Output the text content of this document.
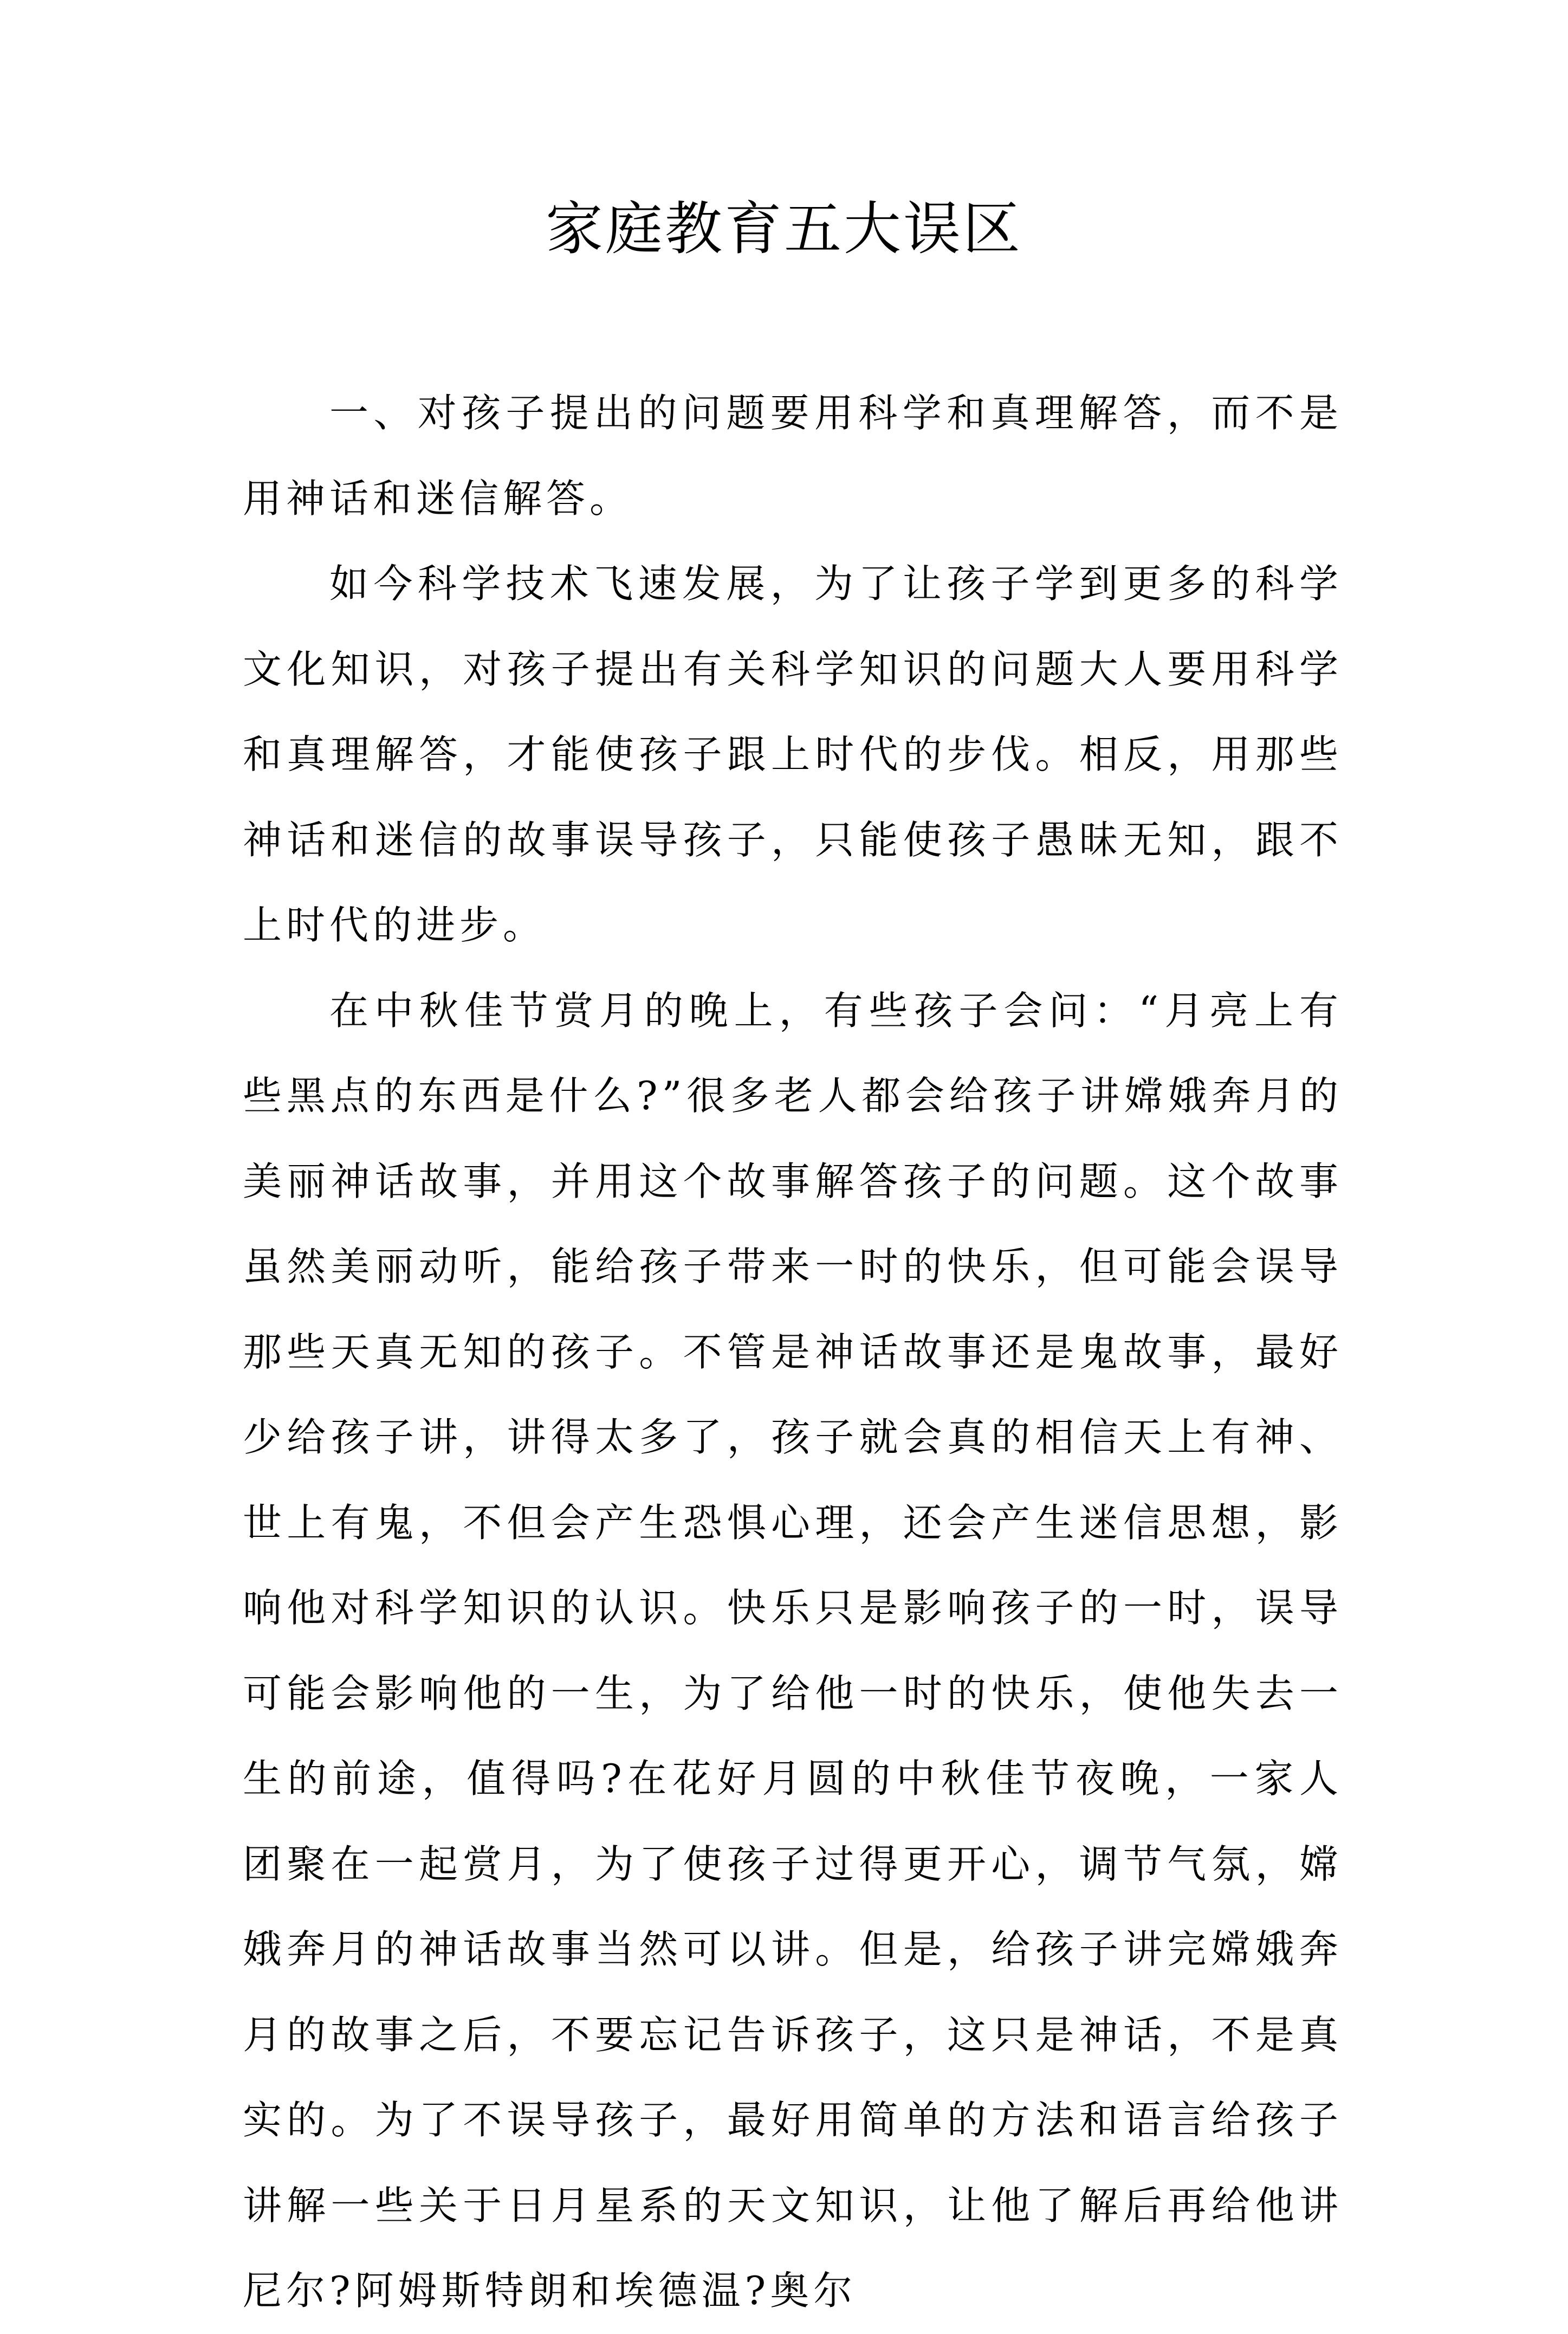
家庭教育五大误区

一、对孩子提出的问题要用科学和真理解答，而不是用神话和迷信解答。

如今科学技术飞速发展，为了让孩子学到更多的科学文化知识，对孩子提出有关科学知识的问题大人要用科学和真理解答，才能使孩子跟上时代的步伐。相反，用那些神话和迷信的故事误导孩子，只能使孩子愚昧无知，跟不上时代的进步。

在中秋佳节赏月的晚上，有些孩子会问：“月亮上有些黑点的东西是什么?”很多老人都会给孩子讲嫦娥奔月的美丽神话故事，并用这个故事解答孩子的问题。这个故事虽然美丽动听，能给孩子带来一时的快乐，但可能会误导那些天真无知的孩子。不管是神话故事还是鬼故事，最好少给孩子讲，讲得太多了，孩子就会真的相信天上有神、世上有鬼，不但会产生恐惧心理，还会产生迷信思想，影响他对科学知识的认识。快乐只是影响孩子的一时，误导可能会影响他的一生，为了给他一时的快乐，使他失去一生的前途，值得吗?在花好月圆的中秋佳节夜晚，一家人团聚在一起赏月，为了使孩子过得更开心，调节气氛，嫦娥奔月的神话故事当然可以讲。但是，给孩子讲完嫦娥奔月的故事之后，不要忘记告诉孩子，这只是神话，不是真实的。为了不误导孩子，最好用简单的方法和语言给孩子讲解一些关于日月星系的天文知识，让他了解后再给他讲尼尔?阿姆斯特朗和埃德温?奥尔
